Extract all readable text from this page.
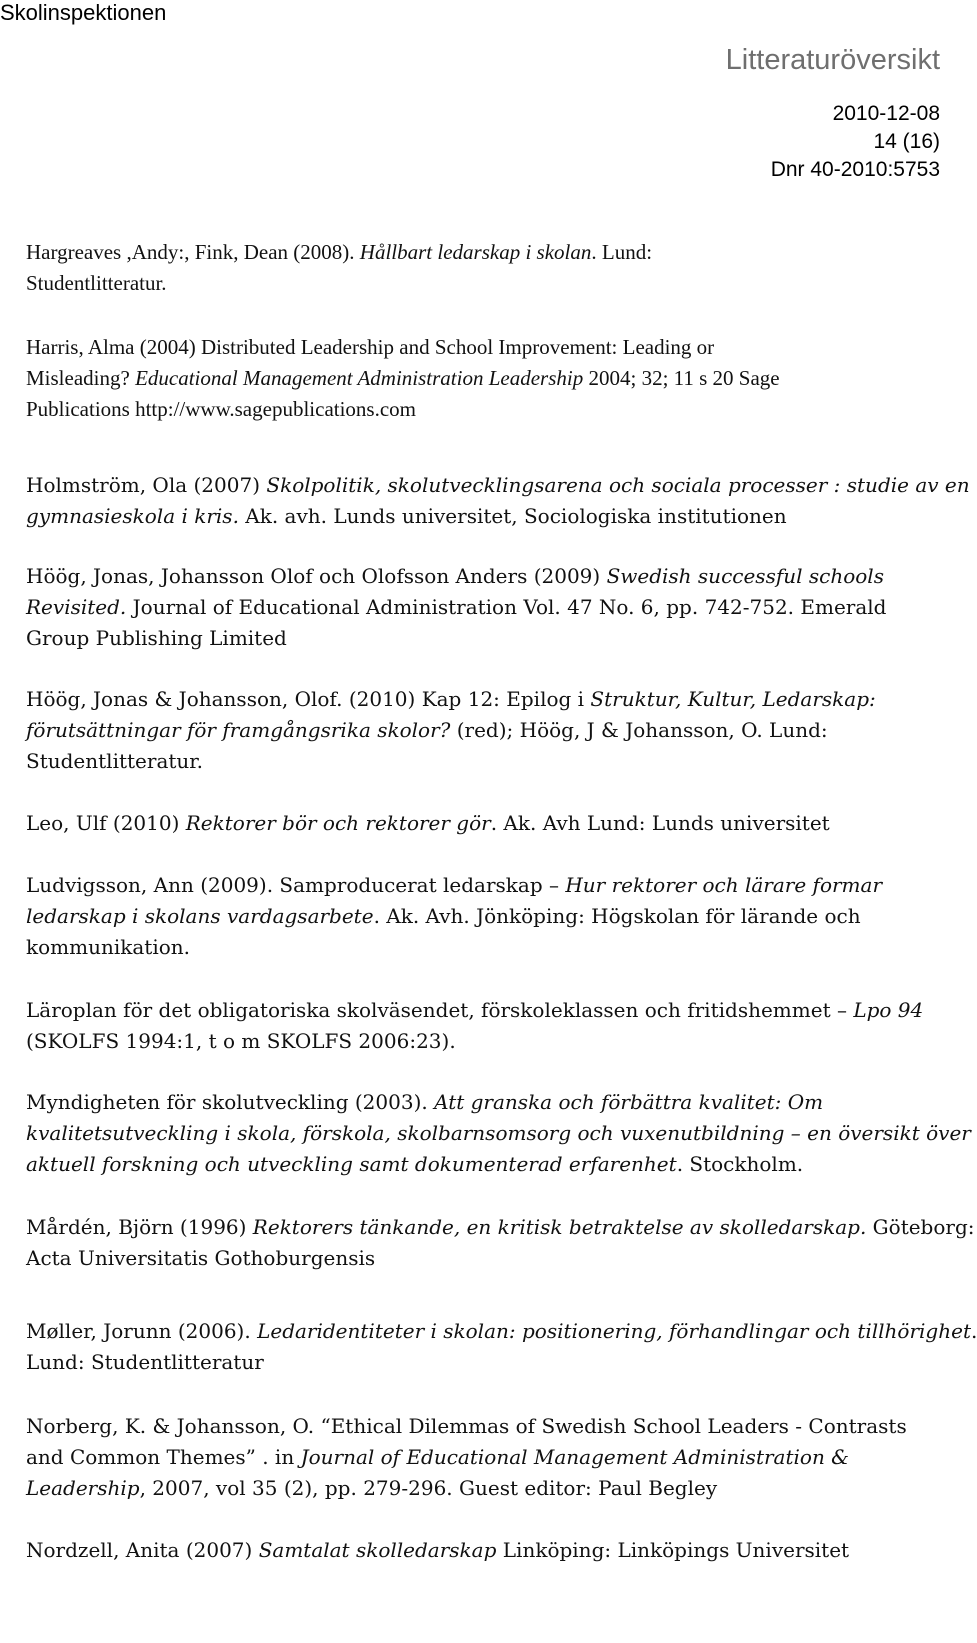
Skolinspektionen
Litteraturöversikt
2010-12-08
14 (16)
Dnr 40-2010:5753
Hargreaves ,Andy:, Fink, Dean (2008). Hållbart ledarskap i skolan. Lund:
Studentlitteratur.
Harris, Alma (2004) Distributed Leadership and School Improvement: Leading or
Misleading? Educational Management Administration Leadership 2004; 32; 11 s 20 Sage
Publications http://www.sagepublications.com
Holmström, Ola (2007) Skolpolitik, skolutvecklingsarena och sociala processer : studie av en
gymnasieskola i kris. Ak. avh. Lunds universitet, Sociologiska institutionen
Höög, Jonas, Johansson Olof och Olofsson Anders (2009) Swedish successful schools
Revisited. Journal of Educational Administration Vol. 47 No. 6, pp. 742-752. Emerald
Group Publishing Limited
Höög, Jonas & Johansson, Olof. (2010) Kap 12: Epilog i Struktur, Kultur, Ledarskap:
förutsättningar för framgångsrika skolor? (red); Höög, J & Johansson, O. Lund:
Studentlitteratur.
Leo, Ulf (2010) Rektorer bör och rektorer gör. Ak. Avh Lund: Lunds universitet
Ludvigsson, Ann (2009). Samproducerat ledarskap – Hur rektorer och lärare formar
ledarskap i skolans vardagsarbete. Ak. Avh. Jönköping: Högskolan för lärande och
kommunikation.
Läroplan för det obligatoriska skolväsendet, förskoleklassen och fritidshemmet – Lpo 94
(SKOLFS 1994:1, t o m SKOLFS 2006:23).
Myndigheten för skolutveckling (2003). Att granska och förbättra kvalitet: Om
kvalitetsutveckling i skola, förskola, skolbarnsomsorg och vuxenutbildning – en översikt över
aktuell forskning och utveckling samt dokumenterad erfarenhet. Stockholm.
Mårdén, Björn (1996) Rektorers tänkande, en kritisk betraktelse av skolledarskap. Göteborg:
Acta Universitatis Gothoburgensis
Møller, Jorunn (2006). Ledaridentiteter i skolan: positionering, förhandlingar och tillhörighet.
Lund: Studentlitteratur
Norberg, K. & Johansson, O. “Ethical Dilemmas of Swedish School Leaders - Contrasts
and Common Themes” . in Journal of Educational Management Administration &
Leadership, 2007, vol 35 (2), pp. 279-296. Guest editor: Paul Begley
Nordzell, Anita (2007) Samtalat skolledarskap Linköping: Linköpings Universitet
